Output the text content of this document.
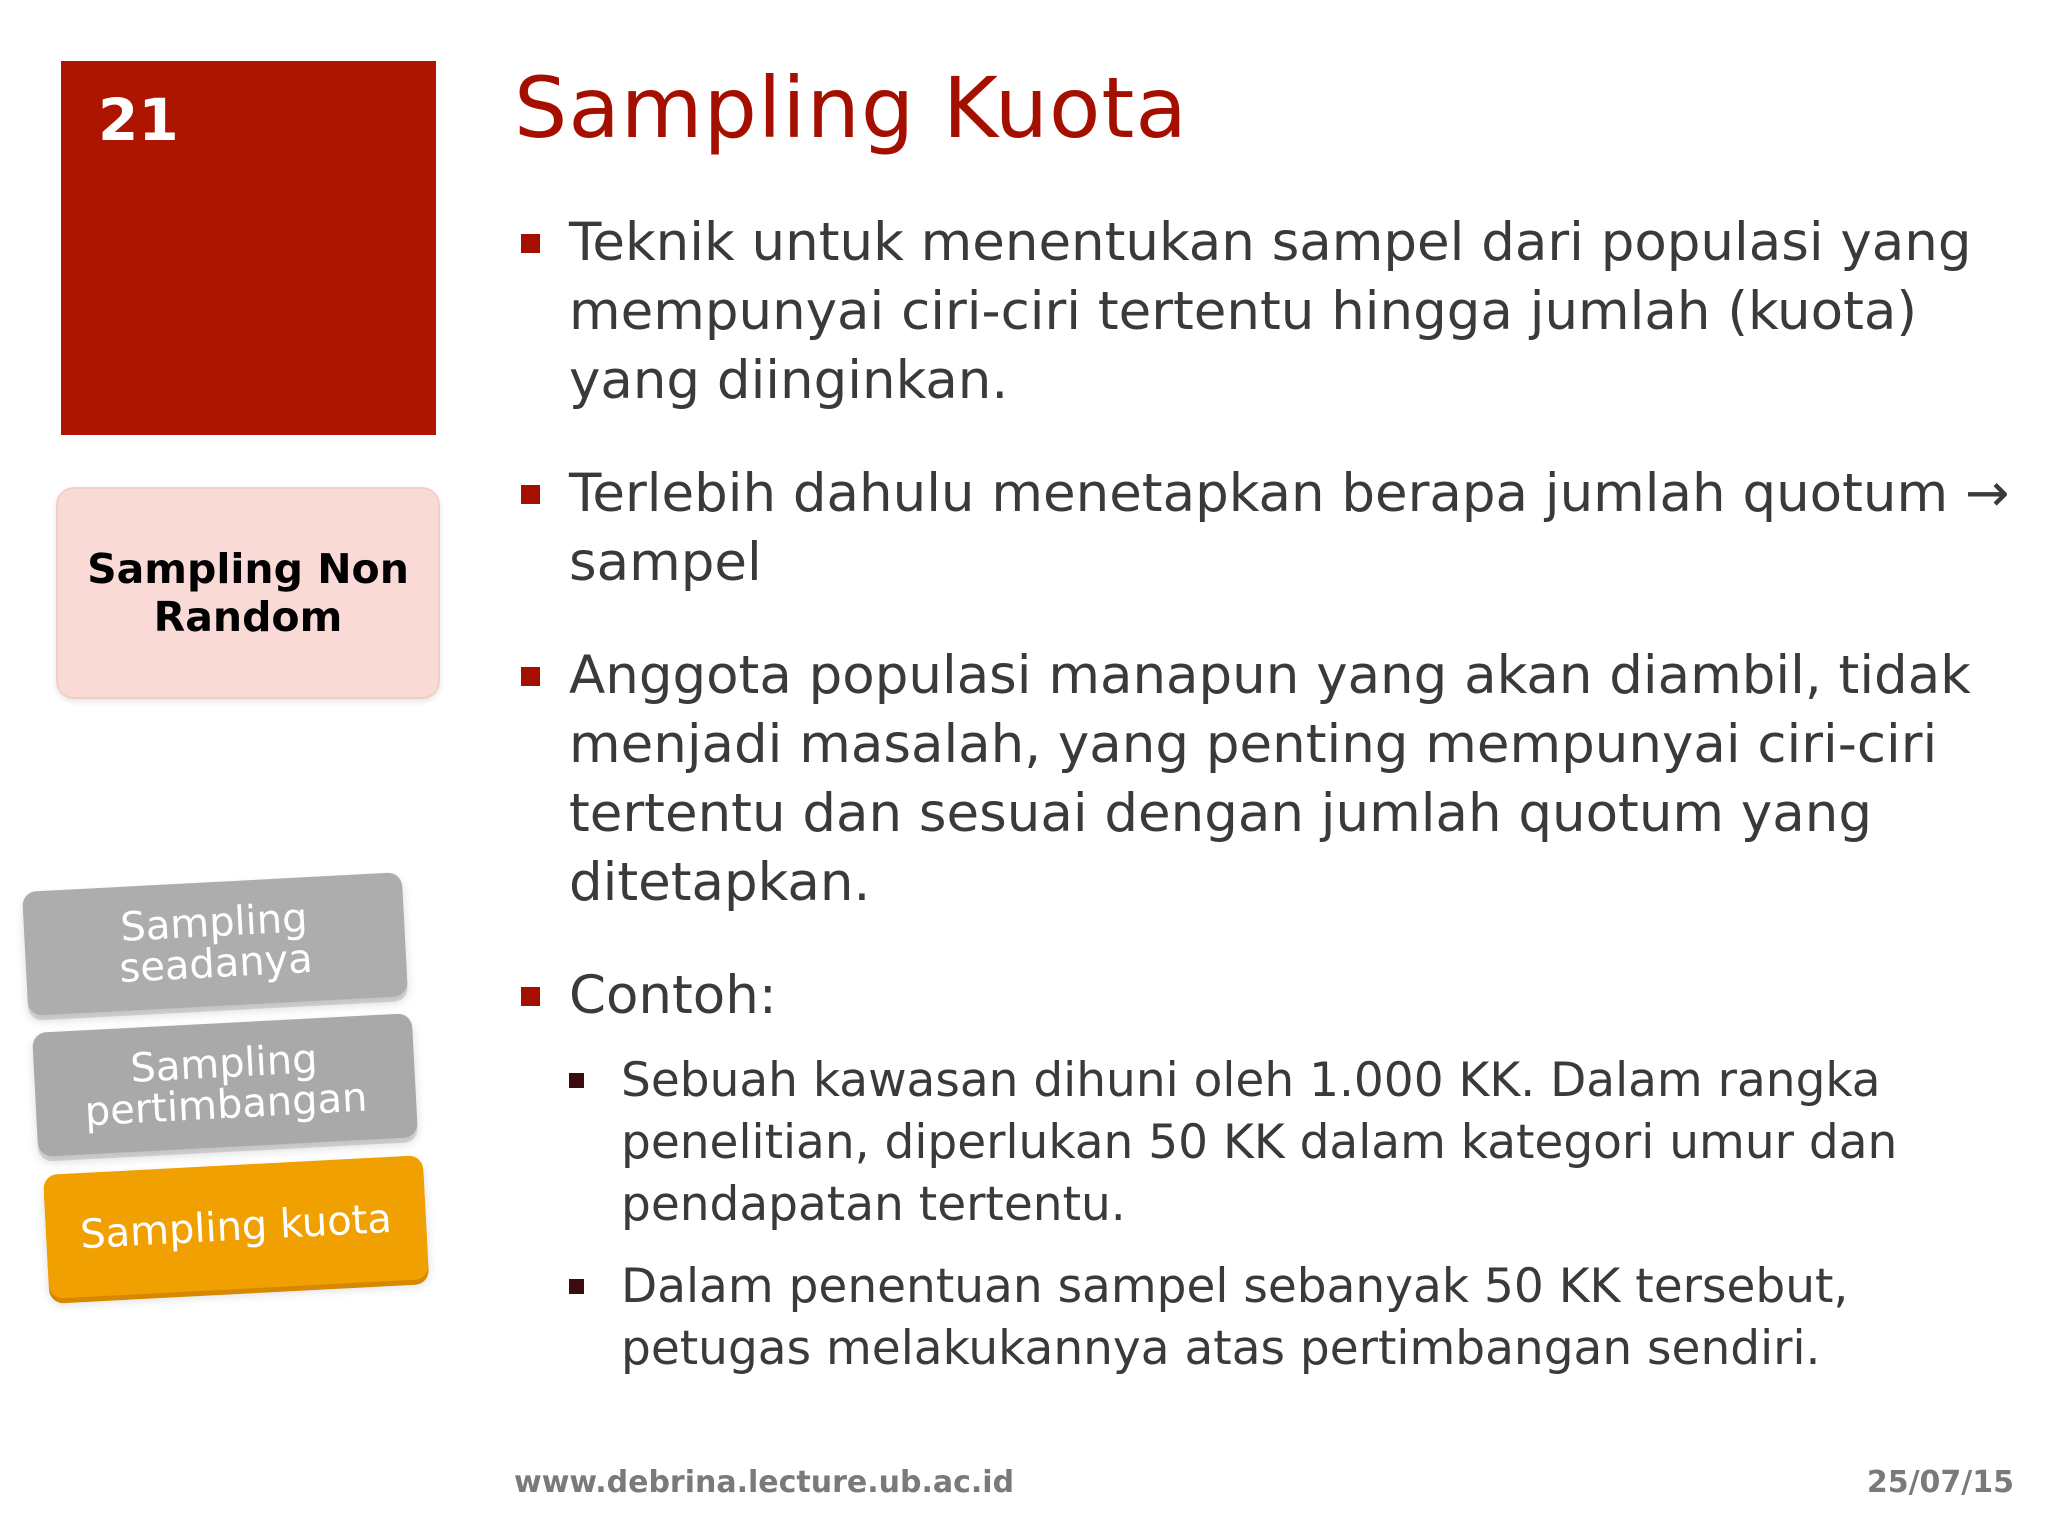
21
Sampling Non Random
Sampling seadanya
Sampling pertimbangan
Sampling kuota
Sampling Kuota
Teknik untuk menentukan sampel dari populasi yang mempunyai ciri-ciri tertentu hingga jumlah (kuota) yang diinginkan.
Terlebih dahulu menetapkan berapa jumlah quotum → sampel
Anggota populasi manapun yang akan diambil, tidak menjadi masalah, yang penting mempunyai ciri-ciri tertentu dan sesuai dengan jumlah quotum yang ditetapkan.
Contoh:
Sebuah kawasan dihuni oleh 1.000 KK. Dalam rangka penelitian, diperlukan 50 KK dalam kategori umur dan pendapatan tertentu.
Dalam penentuan sampel sebanyak 50 KK tersebut, petugas melakukannya atas pertimbangan sendiri.
www.debrina.lecture.ub.ac.id	25/07/15
